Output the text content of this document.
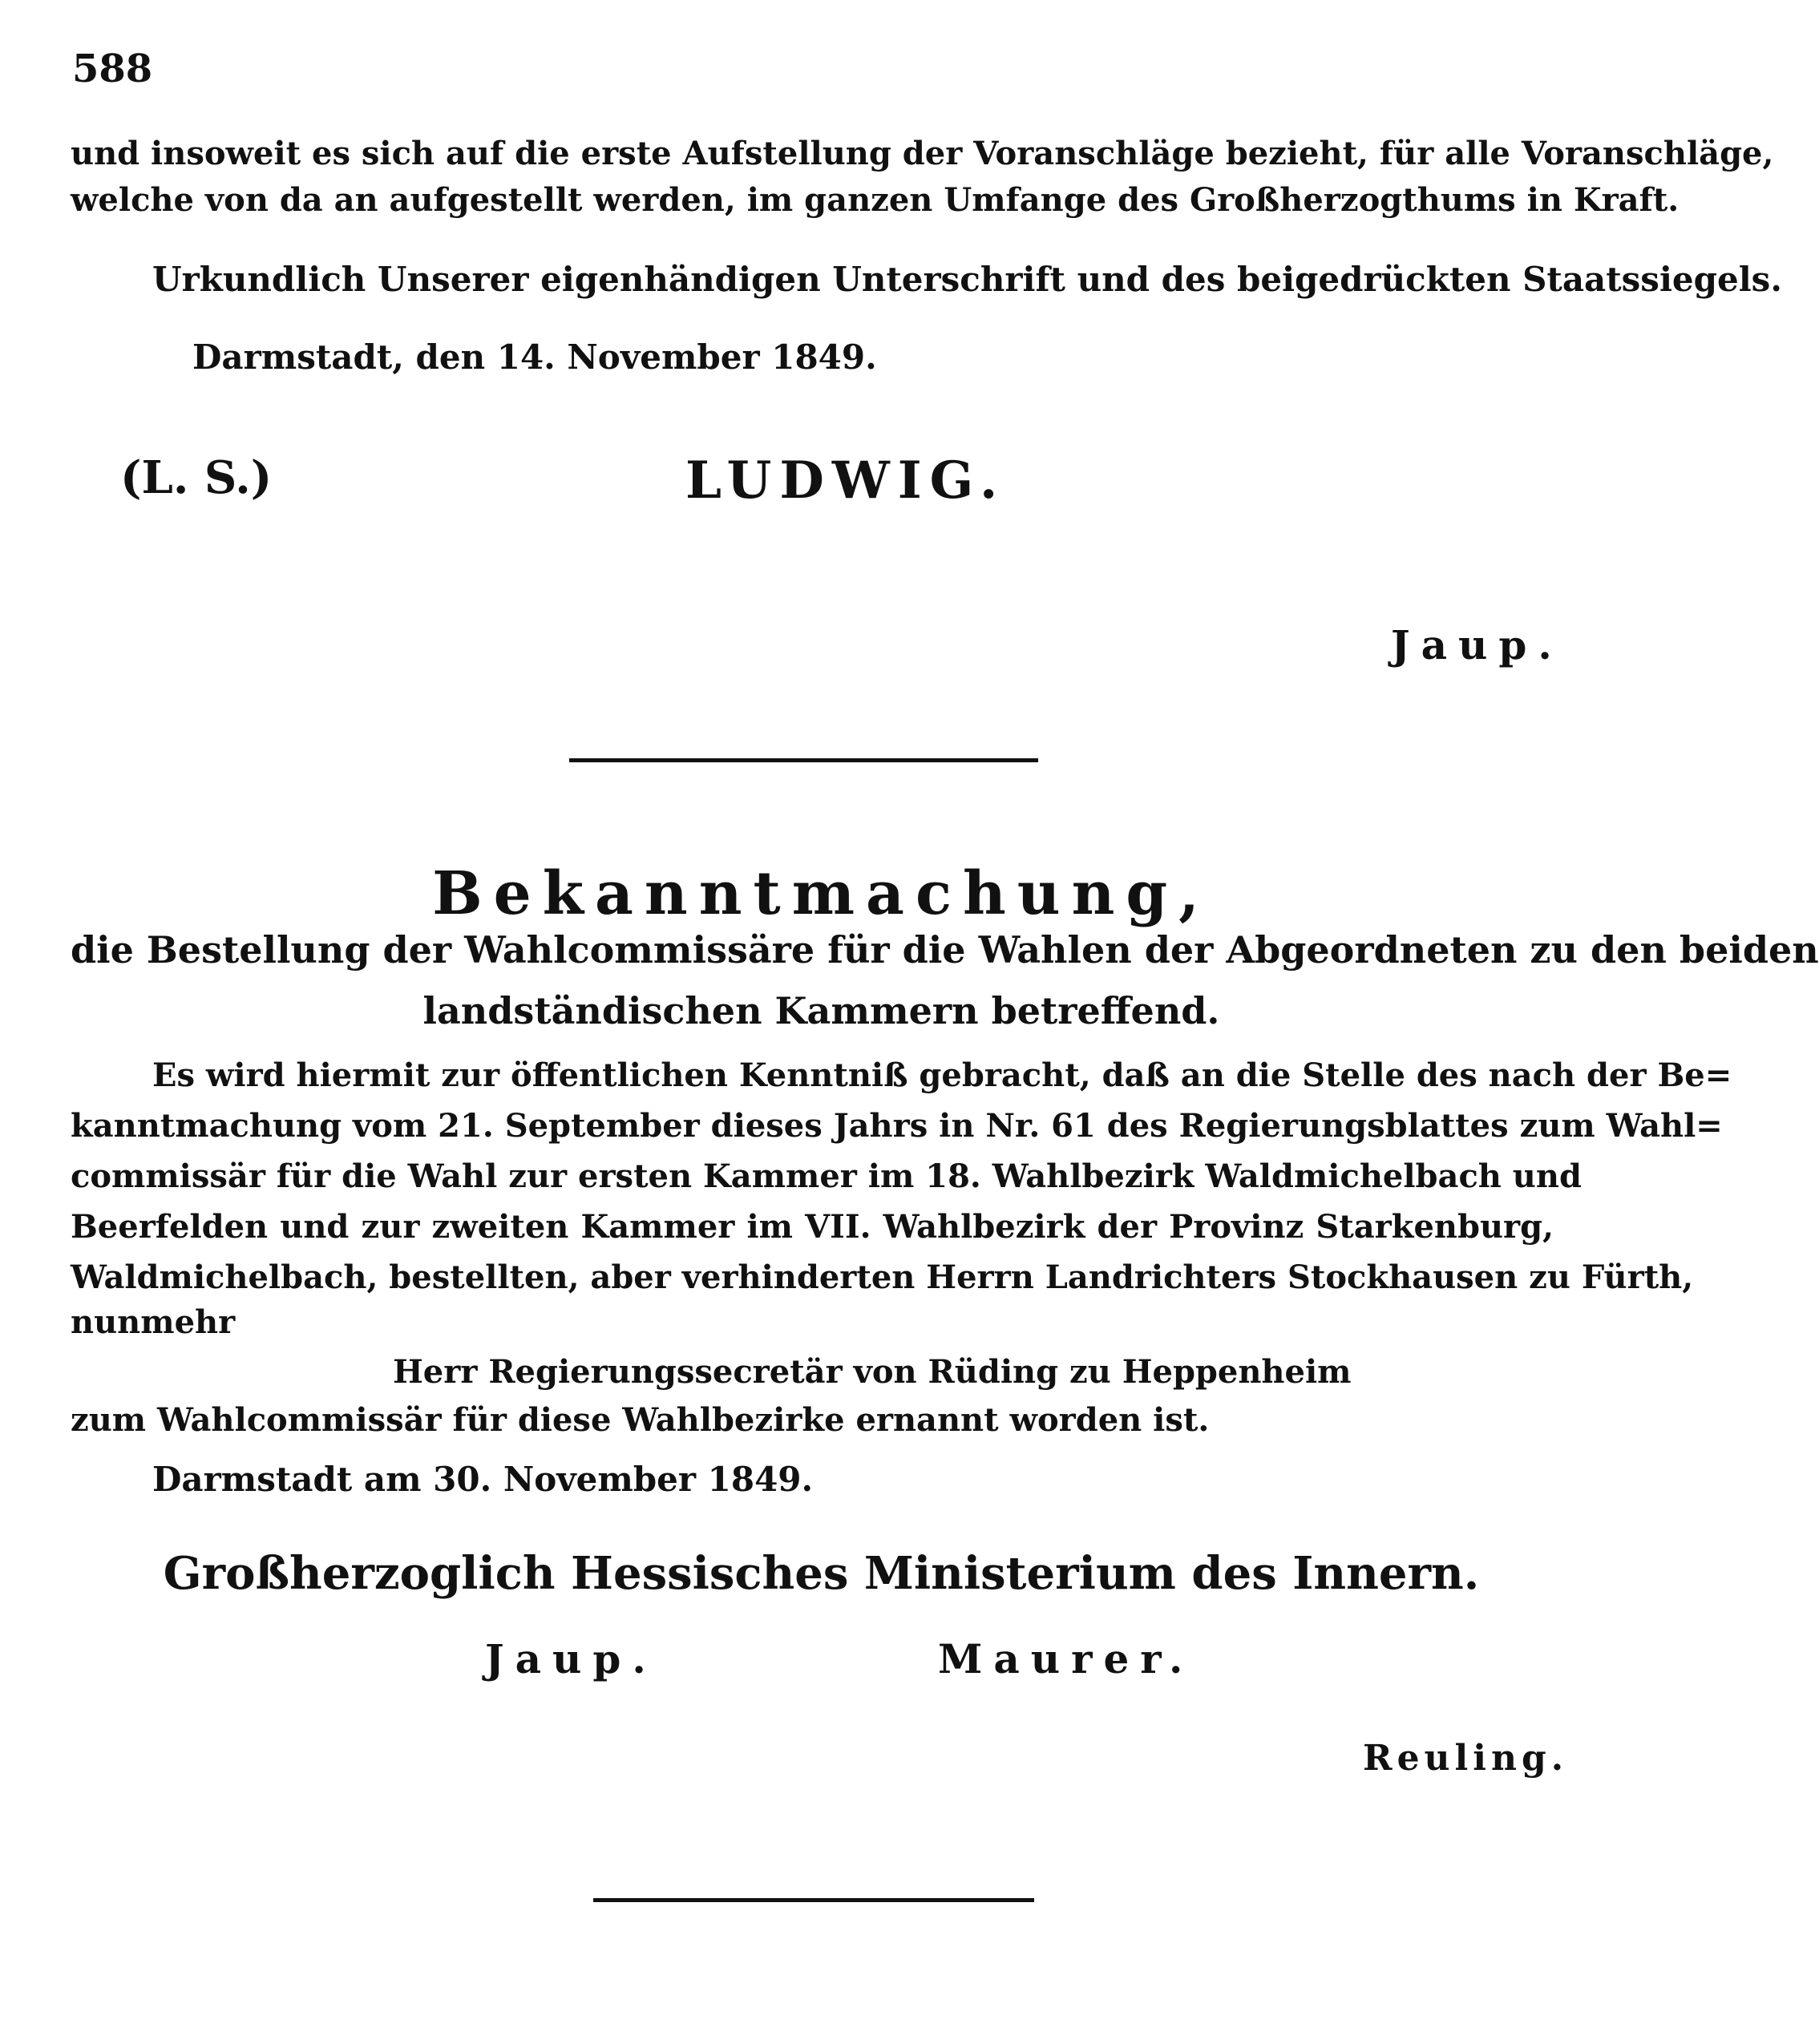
588
und insoweit es sich auf die erste Aufstellung der Voranschläge bezieht, für alle Voranschläge,
welche von da an aufgestellt werden, im ganzen Umfange des Großherzogthums in Kraft.
Urkundlich Unserer eigenhändigen Unterschrift und des beigedrückten Staatssiegels.
Darmstadt, den 14. November 1849.
(L. S.)	LUDWIG.
Jaup.
Bekanntmachung,
die Bestellung der Wahlcommissäre für die Wahlen der Abgeordneten zu den beiden
landständischen Kammern betreffend.
Es wird hiermit zur öffentlichen Kenntniß gebracht, daß an die Stelle des nach der Be=
kanntmachung vom 21. September dieses Jahrs in Nr. 61 des Regierungsblattes zum Wahl=
commissär für die Wahl zur ersten Kammer im 18. Wahlbezirk Waldmichelbach und
Beerfelden und zur zweiten Kammer im VII. Wahlbezirk der Provinz Starkenburg,
Waldmichelbach, bestellten, aber verhinderten Herrn Landrichters Stockhausen zu Fürth,
nunmehr
Herr Regierungssecretär von Rüding zu Heppenheim
zum Wahlcommissär für diese Wahlbezirke ernannt worden ist.
Darmstadt am 30. November 1849.
Großherzoglich Hessisches Ministerium des Innern.
Jaup.	Maurer.
Reuling.
